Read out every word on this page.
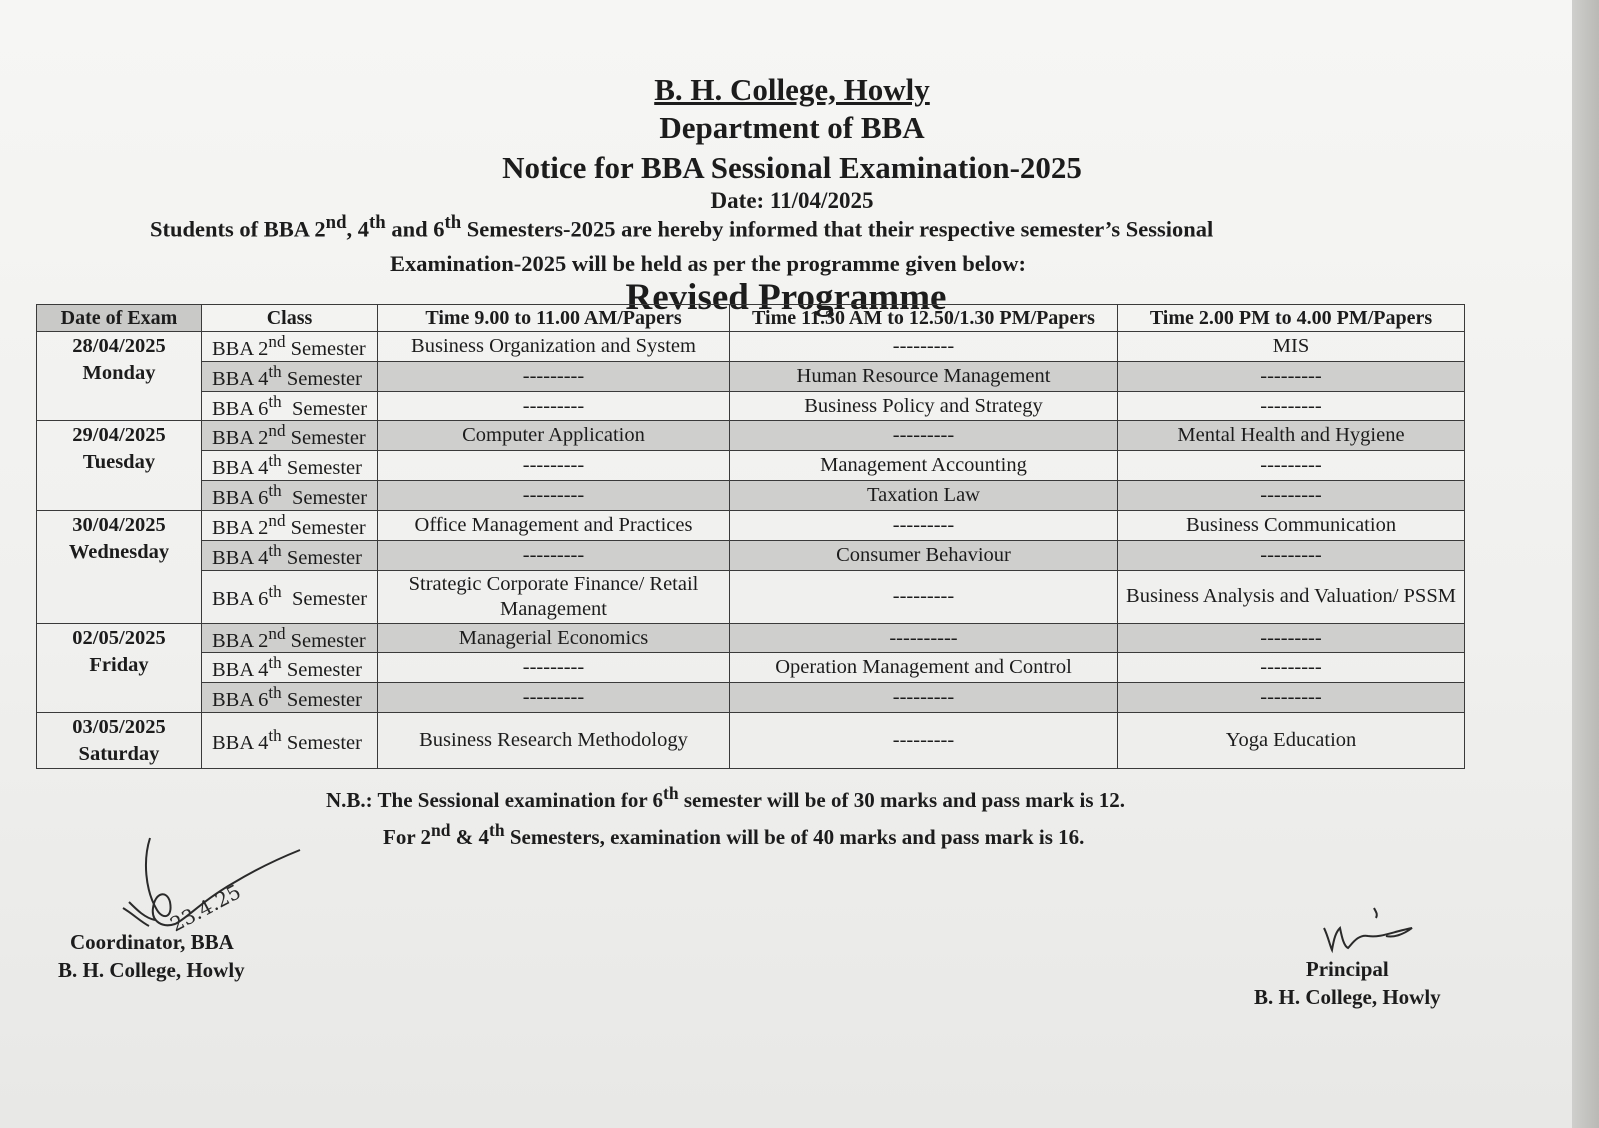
B. H. College, Howly
Department of BBA
Notice for BBA Sessional Examination-2025
Date: 11/04/2025
Students of BBA 2nd, 4th and 6th Semesters-2025 are hereby informed that their respective semester’s Sessional
Examination-2025 will be held as per the programme given below:
Revised Programme
Date of Exam	Class	Time 9.00 to 11.00 AM/Papers	Time 11.30 AM to 12.50/1.30 PM/Papers	Time 2.00 PM to 4.00 PM/Papers

28/04/2025
Monday	BBA 2nd Semester	Business Organization and System	---------	MIS
	BBA 4th Semester	---------	Human Resource Management	---------
	BBA 6th  Semester	---------	Business Policy and Strategy	---------

29/04/2025
Tuesday	BBA 2nd Semester	Computer Application	---------	Mental Health and Hygiene
	BBA 4th Semester	---------	Management Accounting	---------
	BBA 6th  Semester	---------	Taxation Law	---------

30/04/2025
Wednesday	BBA 2nd Semester	Office Management and Practices	---------	Business Communication
	BBA 4th Semester	---------	Consumer Behaviour	---------
	BBA 6th  Semester	Strategic Corporate Finance/ Retail Management	---------	Business Analysis and Valuation/ PSSM

02/05/2025
Friday	BBA 2nd Semester	Managerial Economics	----------	---------
	BBA 4th Semester	---------	Operation Management and Control	---------
	BBA 6th Semester	---------	---------	---------

03/05/2025
Saturday	BBA 4th Semester	Business Research Methodology	---------	Yoga Education
N.B.: The Sessional examination for 6th semester will be of 30 marks and pass mark is 12.
For 2nd & 4th Semesters, examination will be of 40 marks and pass mark is 16.
23.4.25
Coordinator, BBA
B. H. College, Howly	Principal
B. H. College, Howly
